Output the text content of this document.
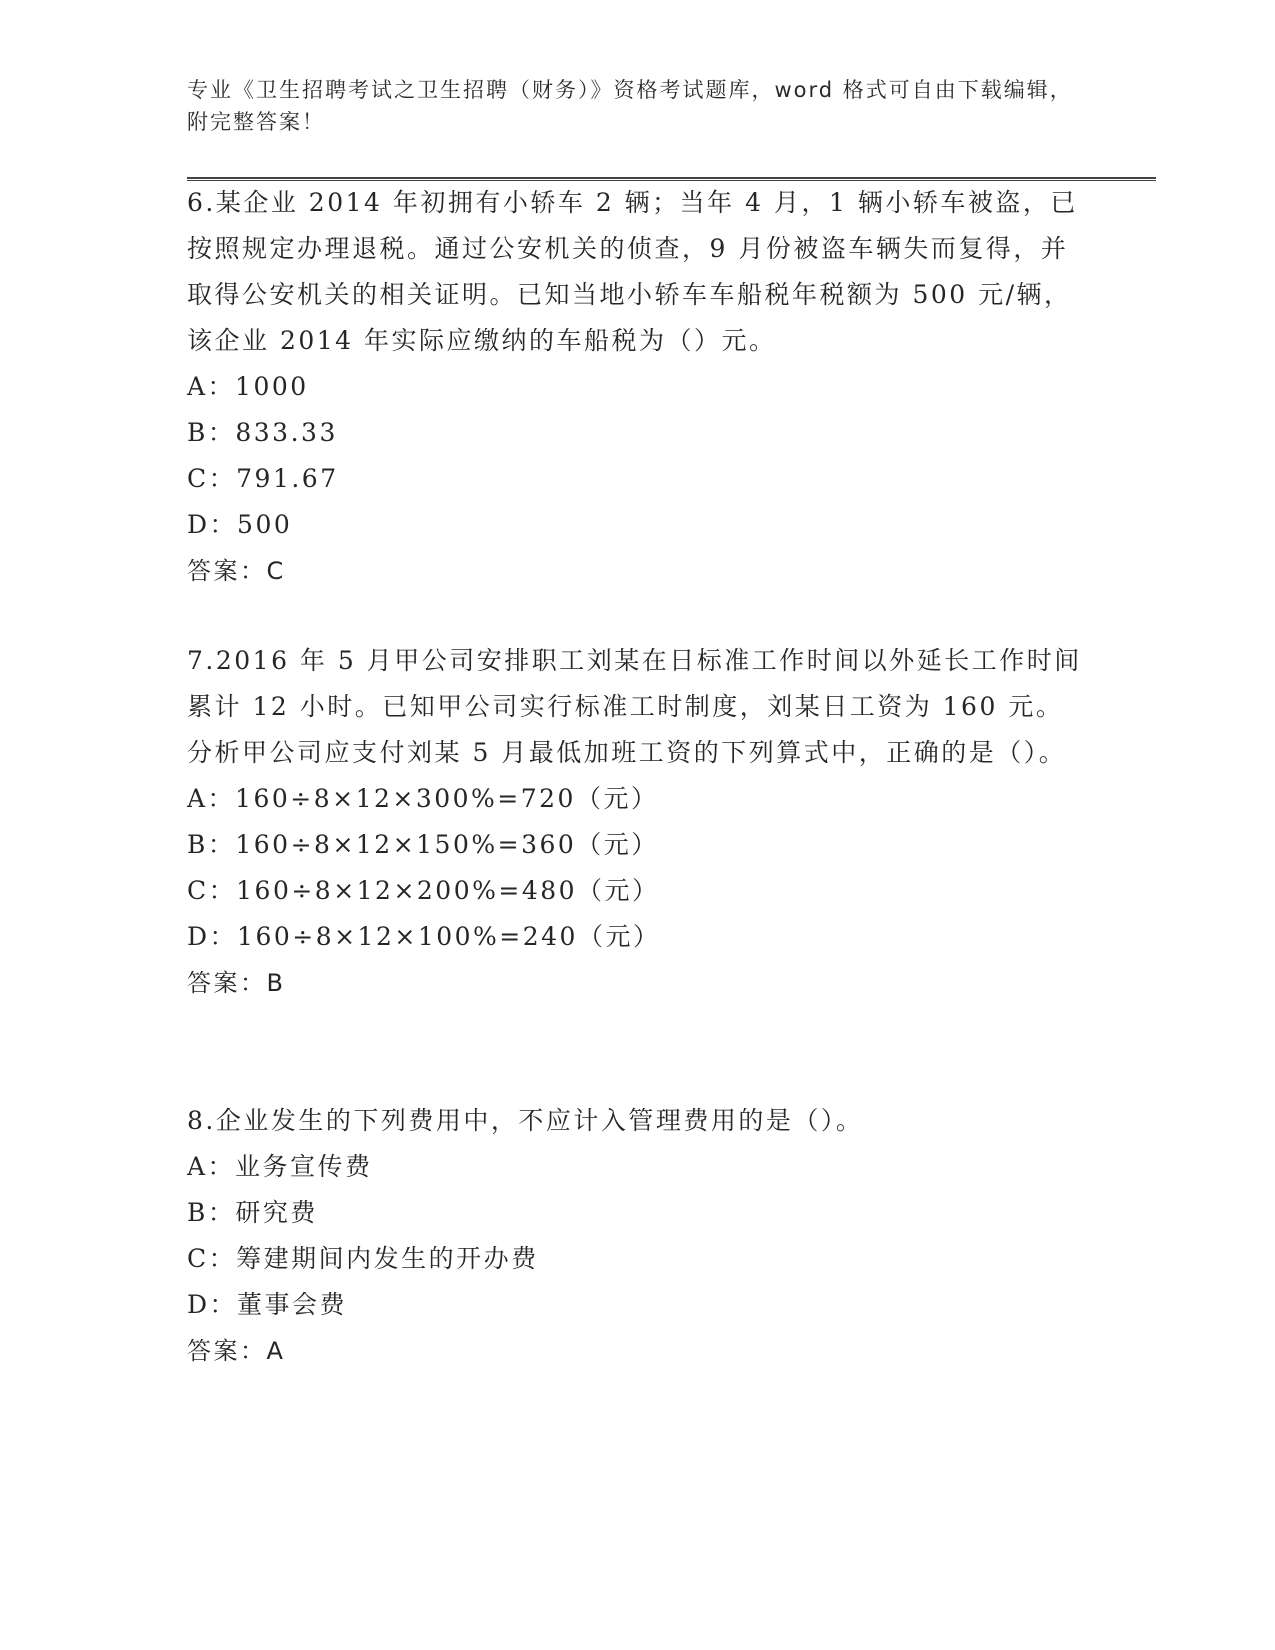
专业《卫生招聘考试之卫生招聘（财务）》资格考试题库，word 格式可自由下载编辑，附完整答案！

6.某企业 2014 年初拥有小轿车 2 辆；当年 4 月，1 辆小轿车被盗，已按照规定办理退税。通过公安机关的侦查，9 月份被盗车辆失而复得，并取得公安机关的相关证明。已知当地小轿车车船税年税额为 500 元/辆，该企业 2014 年实际应缴纳的车船税为（）元。

A：1000

B：833.33

C：791.67

D：500

答案：C

7.2016 年 5 月甲公司安排职工刘某在日标准工作时间以外延长工作时间累计 12 小时。已知甲公司实行标准工时制度，刘某日工资为 160 元。分析甲公司应支付刘某 5 月最低加班工资的下列算式中，正确的是（）。

A：160÷8×12×300%=720（元）

B：160÷8×12×150%=360（元）

C：160÷8×12×200%=480（元）

D：160÷8×12×100%=240（元）

答案：B

8.企业发生的下列费用中，不应计入管理费用的是（）。

A：业务宣传费

B：研究费

C：筹建期间内发生的开办费

D：董事会费

答案：A
